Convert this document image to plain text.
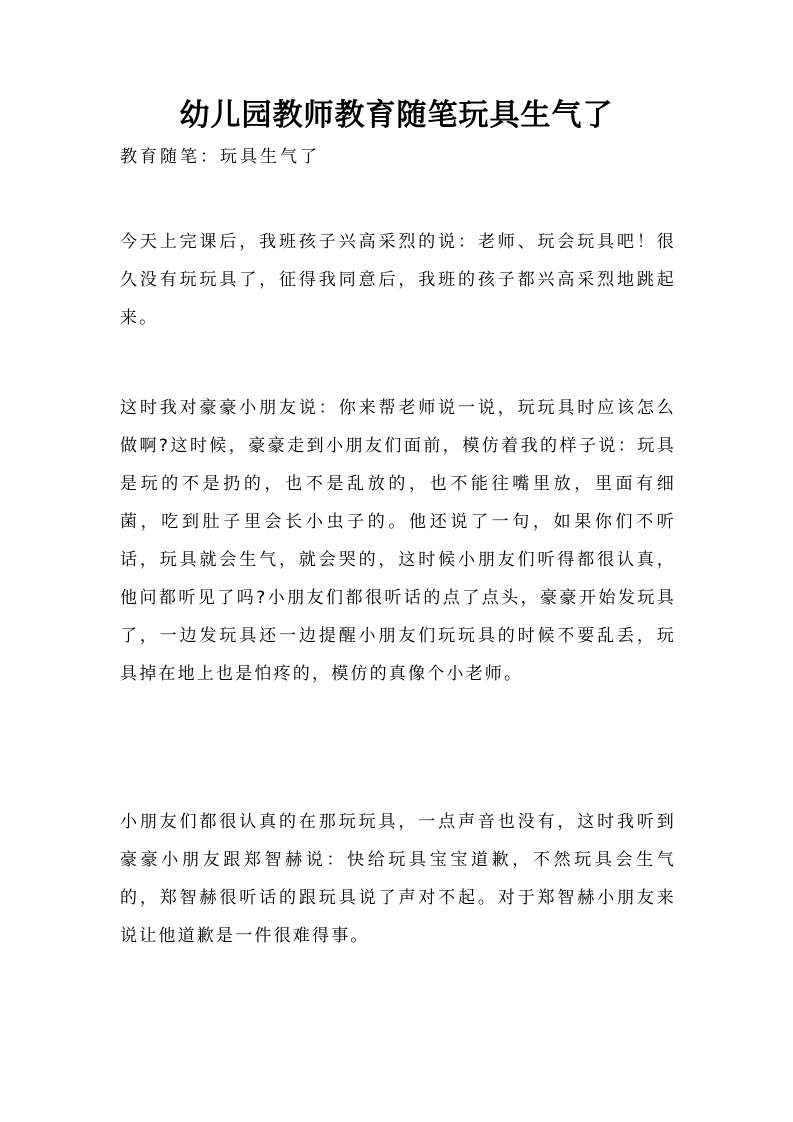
幼儿园教师教育随笔玩具生气了

教育随笔：玩具生气了

今天上完课后，我班孩子兴高采烈的说：老师、玩会玩具吧！很久没有玩玩具了，征得我同意后，我班的孩子都兴高采烈地跳起来。

这时我对豪豪小朋友说：你来帮老师说一说，玩玩具时应该怎么做啊?这时候，豪豪走到小朋友们面前，模仿着我的样子说：玩具是玩的不是扔的，也不是乱放的，也不能往嘴里放，里面有细菌，吃到肚子里会长小虫子的。他还说了一句，如果你们不听话，玩具就会生气，就会哭的，这时候小朋友们听得都很认真，他问都听见了吗?小朋友们都很听话的点了点头，豪豪开始发玩具了，一边发玩具还一边提醒小朋友们玩玩具的时候不要乱丢，玩具掉在地上也是怕疼的，模仿的真像个小老师。

小朋友们都很认真的在那玩玩具，一点声音也没有，这时我听到豪豪小朋友跟郑智赫说：快给玩具宝宝道歉，不然玩具会生气的，郑智赫很听话的跟玩具说了声对不起。对于郑智赫小朋友来说让他道歉是一件很难得事。
